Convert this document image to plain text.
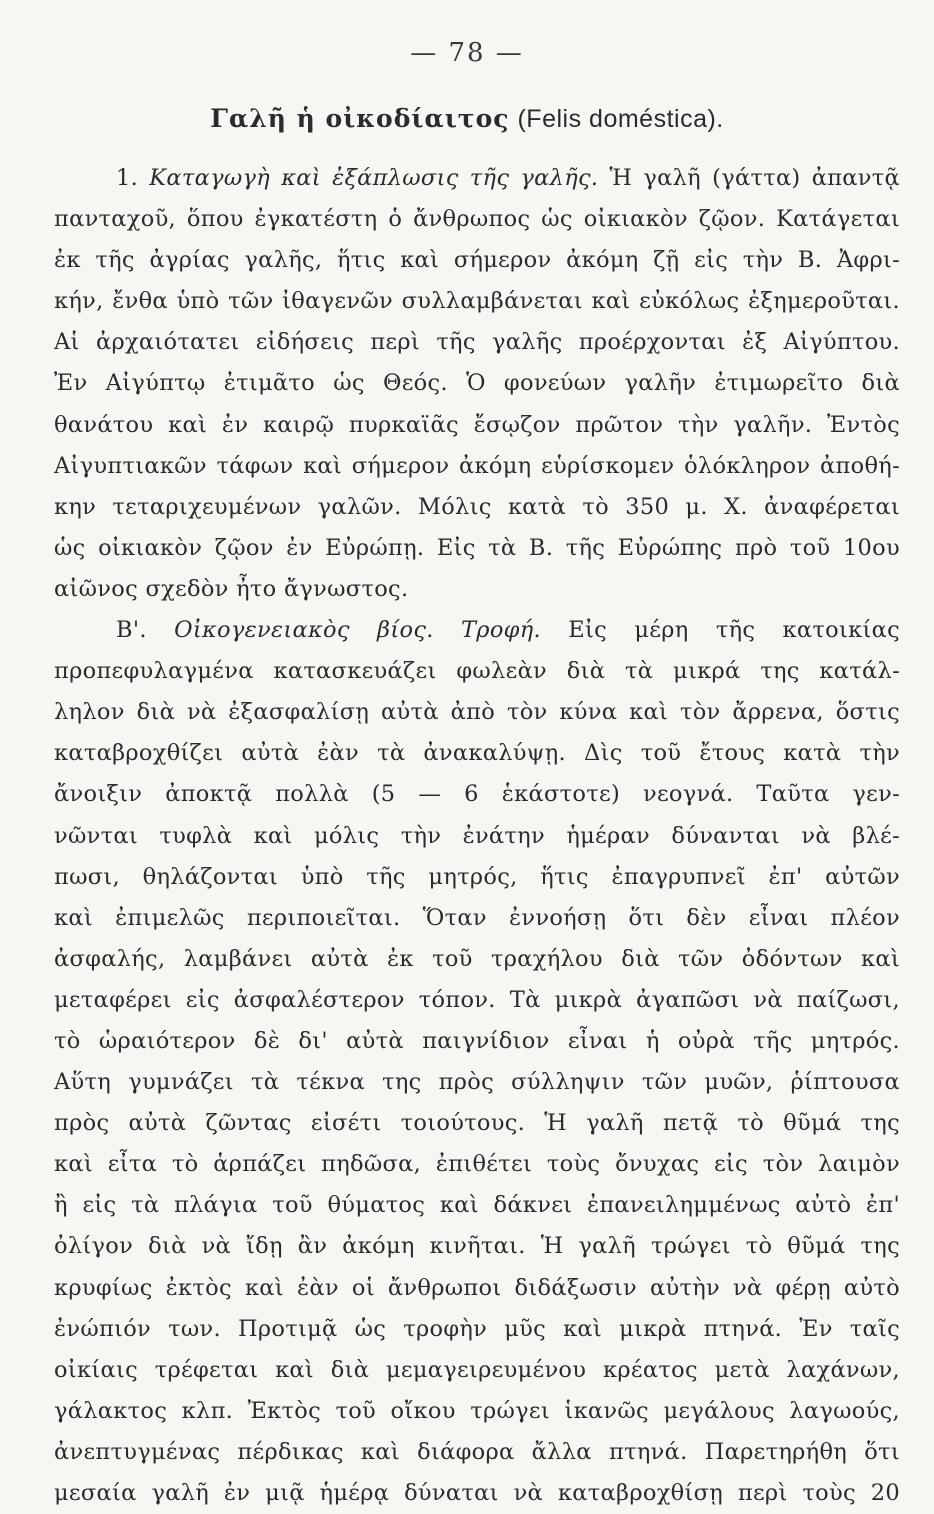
— 78 —
Γαλῆ ἡ οἰκοδίαιτος (Felis doméstica).
1. Καταγωγὴ καὶ ἐξάπλωσις τῆς γαλῆς. Ἡ γαλῆ (γάττα) ἀπαντᾷ
πανταχοῦ, ὅπου ἐγκατέστη ὁ ἄνθρωπος ὡς οἰκιακὸν ζῷον. Κατάγεται
ἐκ τῆς ἀγρίας γαλῆς, ἥτις καὶ σήμερον ἀκόμη ζῇ εἰς τὴν Β. Ἀφρι-
κήν, ἔνθα ὑπὸ τῶν ἰθαγενῶν συλλαμβάνεται καὶ εὐκόλως ἐξημεροῦται.
Αἱ ἀρχαιότατει εἰδήσεις περὶ τῆς γαλῆς προέρχονται ἐξ Αἰγύπτου.
Ἐν Αἰγύπτῳ ἐτιμᾶτο ὡς Θεός. Ὁ φονεύων γαλῆν ἐτιμωρεῖτο διὰ
θανάτου καὶ ἐν καιρῷ πυρκαϊᾶς ἔσῳζον πρῶτον τὴν γαλῆν. Ἐντὸς
Αἰγυπτιακῶν τάφων καὶ σήμερον ἀκόμη εὑρίσκομεν ὁλόκληρον ἀποθή-
κην τεταριχευμένων γαλῶν. Μόλις κατὰ τὸ 350 μ. Χ. ἀναφέρεται
ὡς οἰκιακὸν ζῷον ἐν Εὐρώπῃ. Εἰς τὰ Β. τῆς Εὐρώπης πρὸ τοῦ 10ου
αἰῶνος σχεδὸν ἦτο ἄγνωστος.
Β'. Οἰκογενειακὸς βίος. Τροφή. Εἰς μέρη τῆς κατοικίας
προπεφυλαγμένα κατασκευάζει φωλεὰν διὰ τὰ μικρά της κατάλ-
ληλον διὰ νὰ ἐξασφαλίσῃ αὐτὰ ἀπὸ τὸν κύνα καὶ τὸν ἄρρενα, ὅστις
καταβροχθίζει αὐτὰ ἐὰν τὰ ἀνακαλύψῃ. Δὶς τοῦ ἔτους κατὰ τὴν
ἄνοιξιν ἀποκτᾷ πολλὰ (5 — 6 ἑκάστοτε) νεογνά. Ταῦτα γεν-
νῶνται τυφλὰ καὶ μόλις τὴν ἐνάτην ἡμέραν δύνανται νὰ βλέ-
πωσι, θηλάζονται ὑπὸ τῆς μητρός, ἥτις ἐπαγρυπνεῖ ἐπ' αὐτῶν
καὶ ἐπιμελῶς περιποιεῖται. Ὅταν ἐννοήσῃ ὅτι δὲν εἶναι πλέον
ἀσφαλής, λαμβάνει αὐτὰ ἐκ τοῦ τραχήλου διὰ τῶν ὀδόντων καὶ
μεταφέρει εἰς ἀσφαλέστερον τόπον. Τὰ μικρὰ ἀγαπῶσι νὰ παίζωσι,
τὸ ὡραιότερον δὲ δι' αὐτὰ παιγνίδιον εἶναι ἡ οὐρὰ τῆς μητρός.
Αὕτη γυμνάζει τὰ τέκνα της πρὸς σύλληψιν τῶν μυῶν, ῥίπτουσα
πρὸς αὐτὰ ζῶντας εἰσέτι τοιούτους. Ἡ γαλῆ πετᾷ τὸ θῦμά της
καὶ εἶτα τὸ ἁρπάζει πηδῶσα, ἐπιθέτει τοὺς ὄνυχας εἰς τὸν λαιμὸν
ἢ εἰς τὰ πλάγια τοῦ θύματος καὶ δάκνει ἐπανειλημμένως αὐτὸ ἐπ'
ὀλίγον διὰ νὰ ἴδῃ ἂν ἀκόμη κινῆται. Ἡ γαλῆ τρώγει τὸ θῦμά της
κρυφίως ἐκτὸς καὶ ἐὰν οἱ ἄνθρωποι διδάξωσιν αὐτὴν νὰ φέρῃ αὐτὸ
ἐνώπιόν των. Προτιμᾷ ὡς τροφὴν μῦς καὶ μικρὰ πτηνά. Ἐν ταῖς
οἰκίαις τρέφεται καὶ διὰ μεμαγειρευμένου κρέατος μετὰ λαχάνων,
γάλακτος κλπ. Ἐκτὸς τοῦ οἴκου τρώγει ἱκανῶς μεγάλους λαγωούς,
ἀνεπτυγμένας πέρδικας καὶ διάφορα ἄλλα πτηνά. Παρετηρήθη ὅτι
μεσαία γαλῆ ἐν μιᾷ ἡμέρᾳ δύναται νὰ καταβροχθίσῃ περὶ τοὺς 20
